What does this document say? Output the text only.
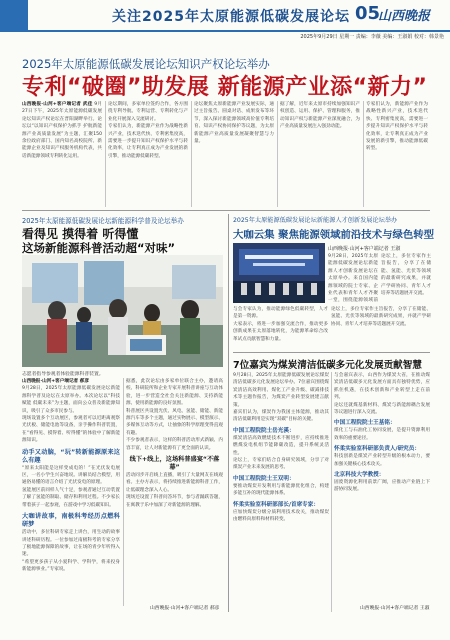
关注2025年太原能源低碳发展论坛 05
山西晚报
2025年9月29日 星期一 责编：李薇 美编：王淑娟 校对：韩景艳
2025年太原能源低碳发展论坛知识产权论坛举办
专利“破圈”助发展 新能源产业添“新力”
山西晚报·山河+客户端记者 武佳 9月27日下午，2025年太原能源低碳发展论坛知识产权论坛在晋阳湖畔举行。论坛以“以知识产权保护为抓手 护航新能源产业高质量发展”为主题，汇聚150余位政府部门、国内知名高校院所、新能源企业及知识产权服务机构代表，共话新能源领域专利转化运用。
论坛期间，多家单位签约合作，各方围绕专利导航、专利运营、专利转化与产业化开展深入交流研讨。
专家们认为，新能源产业作为战略性新兴产业，技术迭代快、专利密集度高，需要进一步提升知识产权保护水平与转化效率，让专利真正成为产业发展的新引擎，推动能源低碳转型。
论坛聚焦太原新能源产业发展实际，通过主旨报告、圆桌对话、成果发布等环节，深入探讨新能源领域高价值专利培育、知识产权协同保护等议题，为太原新能源产业高质量发展凝聚智慧与力量。
据了解，近年来太原市持续加强知识产权创造、运用、保护、管理和服务，推动知识产权与新能源产业深度融合，为产业高质量发展注入强劲动能。
专家们认为，新能源产业作为战略性新兴产业，技术迭代快、专利密集度高，需要进一步提升知识产权保护水平与转化效率，让专利真正成为产业发展的新引擎，推动能源低碳转型。
2025年太原能源低碳发展论坛新能源科学普及论坛举办
看得见 摸得着 听得懂
这场新能源科普活动超“对味”
志愿者指导参观者体验能源科普装置。
山西晚报·山河+客户端记者 郝彦
9月28日，2025年太原能源低碳发展论坛新能源科学普及论坛在太原举办。本次论坛以“科技赋能 低碳未来”为主题，面向公众普及新能源知识，吸引了众多市民参与。
现场设置多个互动展区，参观者可以近距离观察光伏板、储能电池等设备，亲手操作科普装置，在“看得见、摸得着、听得懂”的体验中了解新能源知识。
动手又动脑，“玩”转新能源原来这么有趣
“原来太阳能是这样变成电的！”在光伏发电展区，一名小学生兴奋地说。讲解员结合模型，用通俗易懂的语言介绍了光伏发电的原理。
氢能展区前同样人气十足，参观者通过互动装置了解了氢能的制取、储存和利用过程。不少家长带着孩子一起参观，在游戏中学习低碳知识。
大咖讲故事，南极科考经历点燃科研梦
活动中，多位科研专家走上讲台，用生动的故事讲述科研历程。一位参加过南极科考的专家分享了极地能源保障的故事，让在场的青少年听得入迷。
“希望更多孩子从小爱科学、学科学，将来投身新能源事业。”专家说。
据悉，此次论坛由多家单位联合主办，邀请高校、科研院所和企业专家开展科普讲座与互动体验，进一步营造全社会关注新能源、支持新能源、使用新能源的良好氛围。
科普展区共设置光伏、风电、氢能、储能、新能源汽车等多个主题，通过实物展示、模型演示、多媒体互动等方式，让抽象的科学原理变得直观有趣。
不少参观者表示，这样的科普活动形式新颖、内容丰富，让人对新能源有了更全面的认识。
线下+线上，这场科普盛宴“不落幕”
活动同步开启线上直播，吸引了大量网友在线观看。主办方表示，将持续推进新能源科普工作，让低碳理念深入人心。
现场还设置了科普问答环节，参与者踊跃答题，在寓教于乐中加深了对新能源的理解。
山西晚报·山河+客户端记者 郝彦
2025年太原能源低碳发展论坛新能源人才创新发展论坛举办
大咖云集 聚焦能源领域前沿技术与绿色转型
山西晚报·山河+客户端记者 王淑
9月28日，2025年太原能源低碳发展论坛新能源人才创新发展论坛在太原举办。来自国内能源领域的院士专家、企业代表和青年人才齐聚一堂，围绕能源领域前
论坛上，多位专家作主旨报告，分享了在储能、氢能、光伏等领域的最新研究成果，并就产学研协同、青年人才培养等话题展开交流。
与会专家认为，推动能源绿色低碳转型，人才是第一资源。
大家表示，将进一步加强交流合作，推动更多创新成果在太原落地转化，为能源革命综合改革试点贡献智慧和力量。
论坛上，多位专家作主旨报告，分享了在储能、氢能、光伏等领域的最新研究成果，并就产学研协同、青年人才培养等话题展开交流。
7位嘉宾为煤炭清洁低碳多元化发展贡献智慧
9月28日，2025年太原能源低碳发展论坛煤炭清洁低碳多元化发展论坛举办。7位嘉宾围绕煤炭清洁高效利用、煤化工产业升级、碳减排技术等主题作报告，为煤炭产业转型发展建言献策。
嘉宾们认为，煤炭作为我国主体能源，推动其清洁低碳利用是实现“双碳”目标的关键。
中国工程院院士岳光溪：
煤炭清洁高效燃烧技术不断进步，应持续推进燃煤发电机组节能降碳改造，提升系统灵活性。
论坛上，专家们结合自身研究领域，分享了对煤炭产业未来发展的思考。
中国工程院院士王双明：
要推动煤炭开发利用与新能源优化组合，构建多能互补的现代能源体系。
怀柔实验室科研部部长/首席专家：
应加快煤炭分级分质利用技术攻关，推动煤炭由燃料向原料和材料转变。
与会嘉宾表示，山西作为煤炭大省，在推动煤炭清洁低碳多元化发展方面具有独特优势，应抓住机遇，在技术创新和产业转型上走在前列。
论坛还就煤基新材料、煤炭与新能源耦合发展等议题进行深入交流。
中国工程院院士王基铭：
煤化工与石油化工协同发展，是提升资源利用效率的重要途径。
怀柔实验室科研部负责人/研究员：
科技创新是煤炭产业转型升级的根本动力，要加强关键核心技术攻关。
北京科技大学教授：
固废资源化利用前景广阔，应推动产业链上下游协同发展。
山西晚报·山河+客户端记者 王淑
